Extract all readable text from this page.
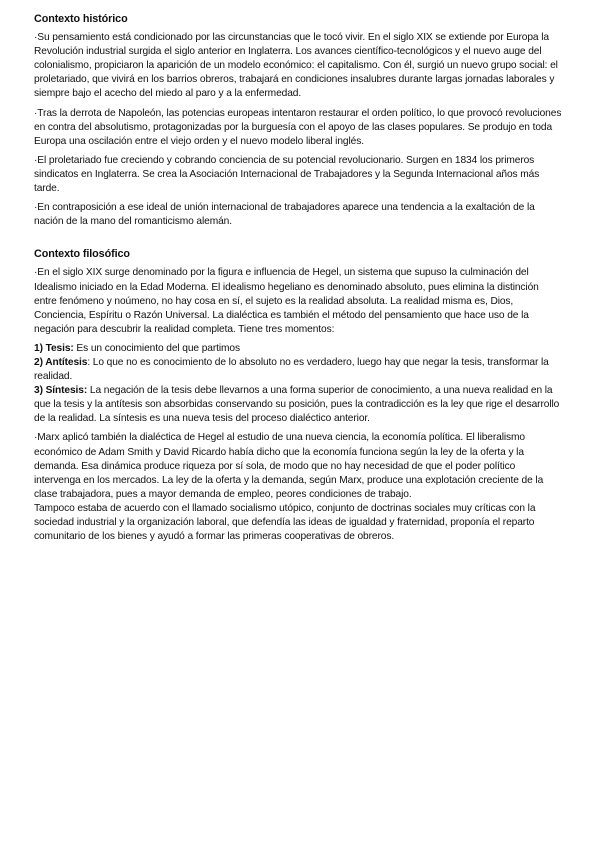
Contexto histórico

·Su pensamiento está condicionado por las circunstancias que le tocó vivir. En el siglo XIX se extiende por Europa la Revolución industrial surgida el siglo anterior en Inglaterra. Los avances científico-tecnológicos y el nuevo auge del colonialismo, propiciaron la aparición de un modelo económico: el capitalismo. Con él, surgió un nuevo grupo social: el proletariado, que vivirá en los barrios obreros, trabajará en condiciones insalubres durante largas jornadas laborales y siempre bajo el acecho del miedo al paro y a la enfermedad.

·Tras la derrota de Napoleón, las potencias europeas intentaron restaurar el orden político, lo que provocó revoluciones en contra del absolutismo, protagonizadas por la burguesía con el apoyo de las clases populares. Se produjo en toda Europa una oscilación entre el viejo orden y el nuevo modelo liberal inglés.

·El proletariado fue creciendo y cobrando conciencia de su potencial revolucionario. Surgen en 1834 los primeros sindicatos en Inglaterra. Se crea la Asociación Internacional de Trabajadores y la Segunda Internacional años más tarde.

·En contraposición a ese ideal de unión internacional de trabajadores aparece una tendencia a la exaltación de la nación de la mano del romanticismo alemán.

Contexto filosófico

·En el siglo XIX surge denominado por la figura e influencia de Hegel, un sistema que supuso la culminación del Idealismo iniciado en la Edad Moderna. El idealismo hegeliano es denominado absoluto, pues elimina la distinción entre fenómeno y noúmeno, no hay cosa en sí, el sujeto es la realidad absoluta. La realidad misma es, Dios, Conciencia, Espíritu o Razón Universal. La dialéctica es también el método del pensamiento que hace uso de la negación para descubrir la realidad completa. Tiene tres momentos:

1) Tesis: Es un conocimiento del que partimos

2) Antítesis: Lo que no es conocimiento de lo absoluto no es verdadero, luego hay que negar la tesis, transformar la realidad.

3) Síntesis: La negación de la tesis debe llevarnos a una forma superior de conocimiento, a una nueva realidad en la que la tesis y la antítesis son absorbidas conservando su posición, pues la contradicción es la ley que rige el desarrollo de la realidad. La síntesis es una nueva tesis del proceso dialéctico anterior.

·Marx aplicó también la dialéctica de Hegel al estudio de una nueva ciencia, la economía política. El liberalismo económico de Adam Smith y David Ricardo había dicho que la economía funciona según la ley de la oferta y la demanda. Esa dinámica produce riqueza por sí sola, de modo que no hay necesidad de que el poder político intervenga en los mercados. La ley de la oferta y la demanda, según Marx, produce una explotación creciente de la clase trabajadora, pues a mayor demanda de empleo, peores condiciones de trabajo.

Tampoco estaba de acuerdo con el llamado socialismo utópico, conjunto de doctrinas sociales muy críticas con la sociedad industrial y la organización laboral, que defendía las ideas de igualdad y fraternidad, proponía el reparto comunitario de los bienes y ayudó a formar las primeras cooperativas de obreros.
